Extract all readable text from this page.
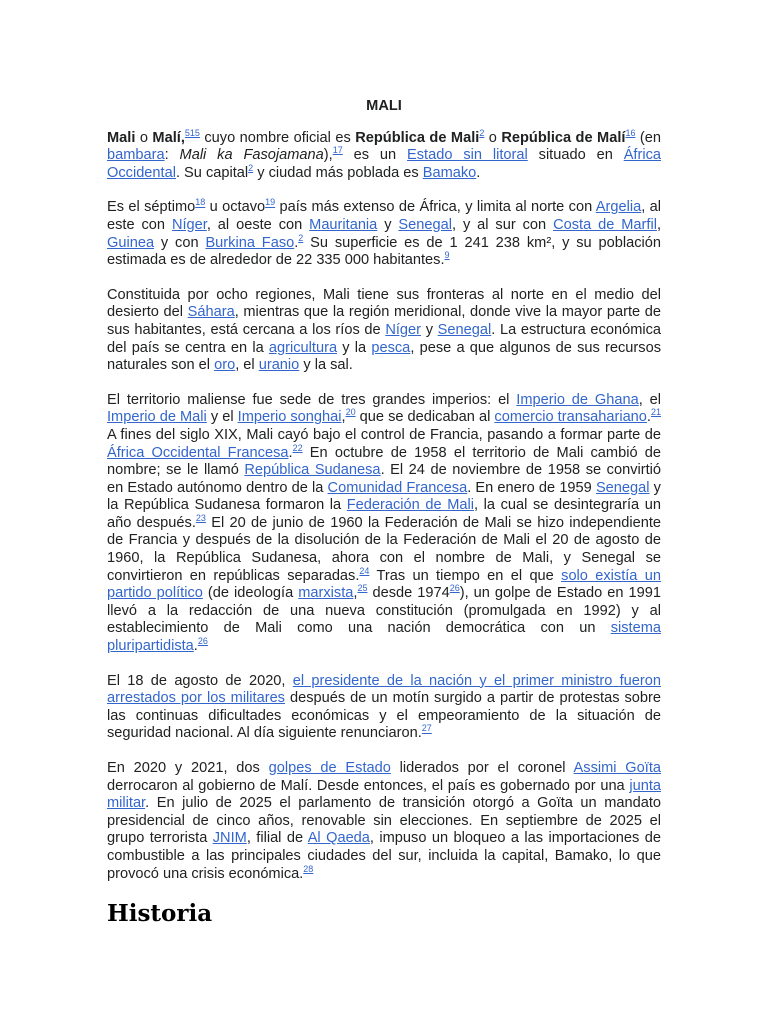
MALI

Mali o Malí,$^{515}$ cuyo nombre oficial es República de Mali$^2$ o República de Malí$^{16}$ (en bambara: Mali ka Fasojamana),$^{17}$ es un Estado sin litoral situado en África Occidental. Su capital$^2$ y ciudad más poblada es Bamako.

Es el séptimo$^{18}$ u octavo$^{19}$ país más extenso de África, y limita al norte con Argelia, al este con Níger, al oeste con Mauritania y Senegal, y al sur con Costa de Marfil, Guinea y con Burkina Faso.$^2$ Su superficie es de 1 241 238 km², y su población estimada es de alrededor de 22 335 000 habitantes.$^9$

Constituida por ocho regiones, Mali tiene sus fronteras al norte en el medio del desierto del Sáhara, mientras que la región meridional, donde vive la mayor parte de sus habitantes, está cercana a los ríos de Níger y Senegal. La estructura económica del país se centra en la agricultura y la pesca, pese a que algunos de sus recursos naturales son el oro, el uranio y la sal.

El territorio maliense fue sede de tres grandes imperios: el Imperio de Ghana, el Imperio de Mali y el Imperio songhai,$^{20}$ que se dedicaban al comercio transahariano.$^{21}$ A fines del siglo XIX, Mali cayó bajo el control de Francia, pasando a formar parte de África Occidental Francesa.$^{22}$ En octubre de 1958 el territorio de Mali cambió de nombre; se le llamó República Sudanesa. El 24 de noviembre de 1958 se convirtió en Estado autónomo dentro de la Comunidad Francesa. En enero de 1959 Senegal y la República Sudanesa formaron la Federación de Mali, la cual se desintegraría un año después.$^{23}$ El 20 de junio de 1960 la Federación de Mali se hizo independiente de Francia y después de la disolución de la Federación de Mali el 20 de agosto de 1960, la República Sudanesa, ahora con el nombre de Mali, y Senegal se convirtieron en repúblicas separadas.$^{24}$ Tras un tiempo en el que solo existía un partido político (de ideología marxista,$^{25}$ desde 1974$^{26}$), un golpe de Estado en 1991 llevó a la redacción de una nueva constitución (promulgada en 1992) y al establecimiento de Mali como una nación democrática con un sistema pluripartidista.$^{26}$

El 18 de agosto de 2020, el presidente de la nación y el primer ministro fueron arrestados por los militares después de un motín surgido a partir de protestas sobre las continuas dificultades económicas y el empeoramiento de la situación de seguridad nacional. Al día siguiente renunciaron.$^{27}$

En 2020 y 2021, dos golpes de Estado liderados por el coronel Assimi Goïta derrocaron al gobierno de Malí. Desde entonces, el país es gobernado por una junta militar. En julio de 2025 el parlamento de transición otorgó a Goïta un mandato presidencial de cinco años, renovable sin elecciones. En septiembre de 2025 el grupo terrorista JNIM, filial de Al Qaeda, impuso un bloqueo a las importaciones de combustible a las principales ciudades del sur, incluida la capital, Bamako, lo que provocó una crisis económica.$^{28}$

Historia
